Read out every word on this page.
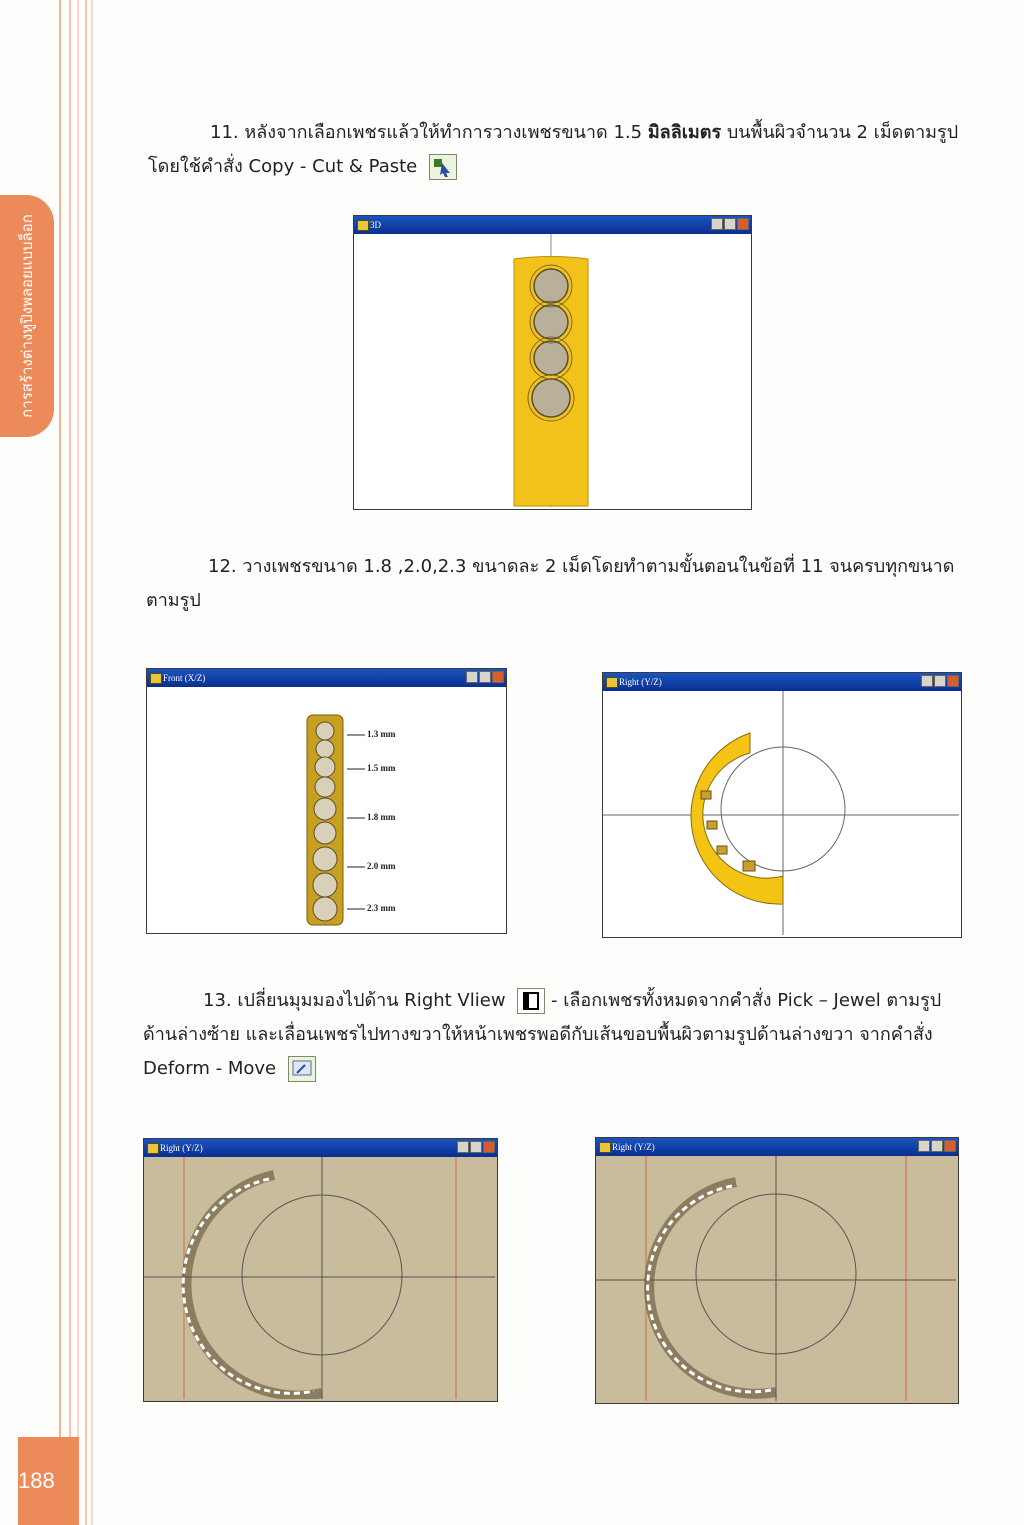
การสร้างต่างหูปิงพลอยแบบล็อก
188

11. หลังจากเลือกเพชรแล้วให้ทำการวางเพชรขนาด 1.5 มิลลิเมตร บนพื้นผิวจำนวน 2 เม็ดตามรูป โดยใช้คำสั่ง Copy - Cut & Paste

3D

12. วางเพชรขนาด 1.8 ,2.0,2.3 ขนาดละ 2 เม็ดโดยทำตามขั้นตอนในข้อที่ 11 จนครบทุกขนาดตามรูป

Front (X/Z)
1.3 mm
1.5 mm
1.8 mm
2.0 mm
2.3 mm
Right (Y/Z)

13. เปลี่ยนมุมมองไปด้าน Right Vliew
- เลือกเพชรทั้งหมดจากคำสั่ง Pick – Jewel ตามรูปด้านล่างซ้าย และเลื่อนเพชรไปทางขวาให้หน้าเพชรพอดีกับเส้นขอบพื้นผิวตามรูปด้านล่างขวา จากคำสั่ง Deform - Move

Right (Y/Z)	Right (Y/Z)
